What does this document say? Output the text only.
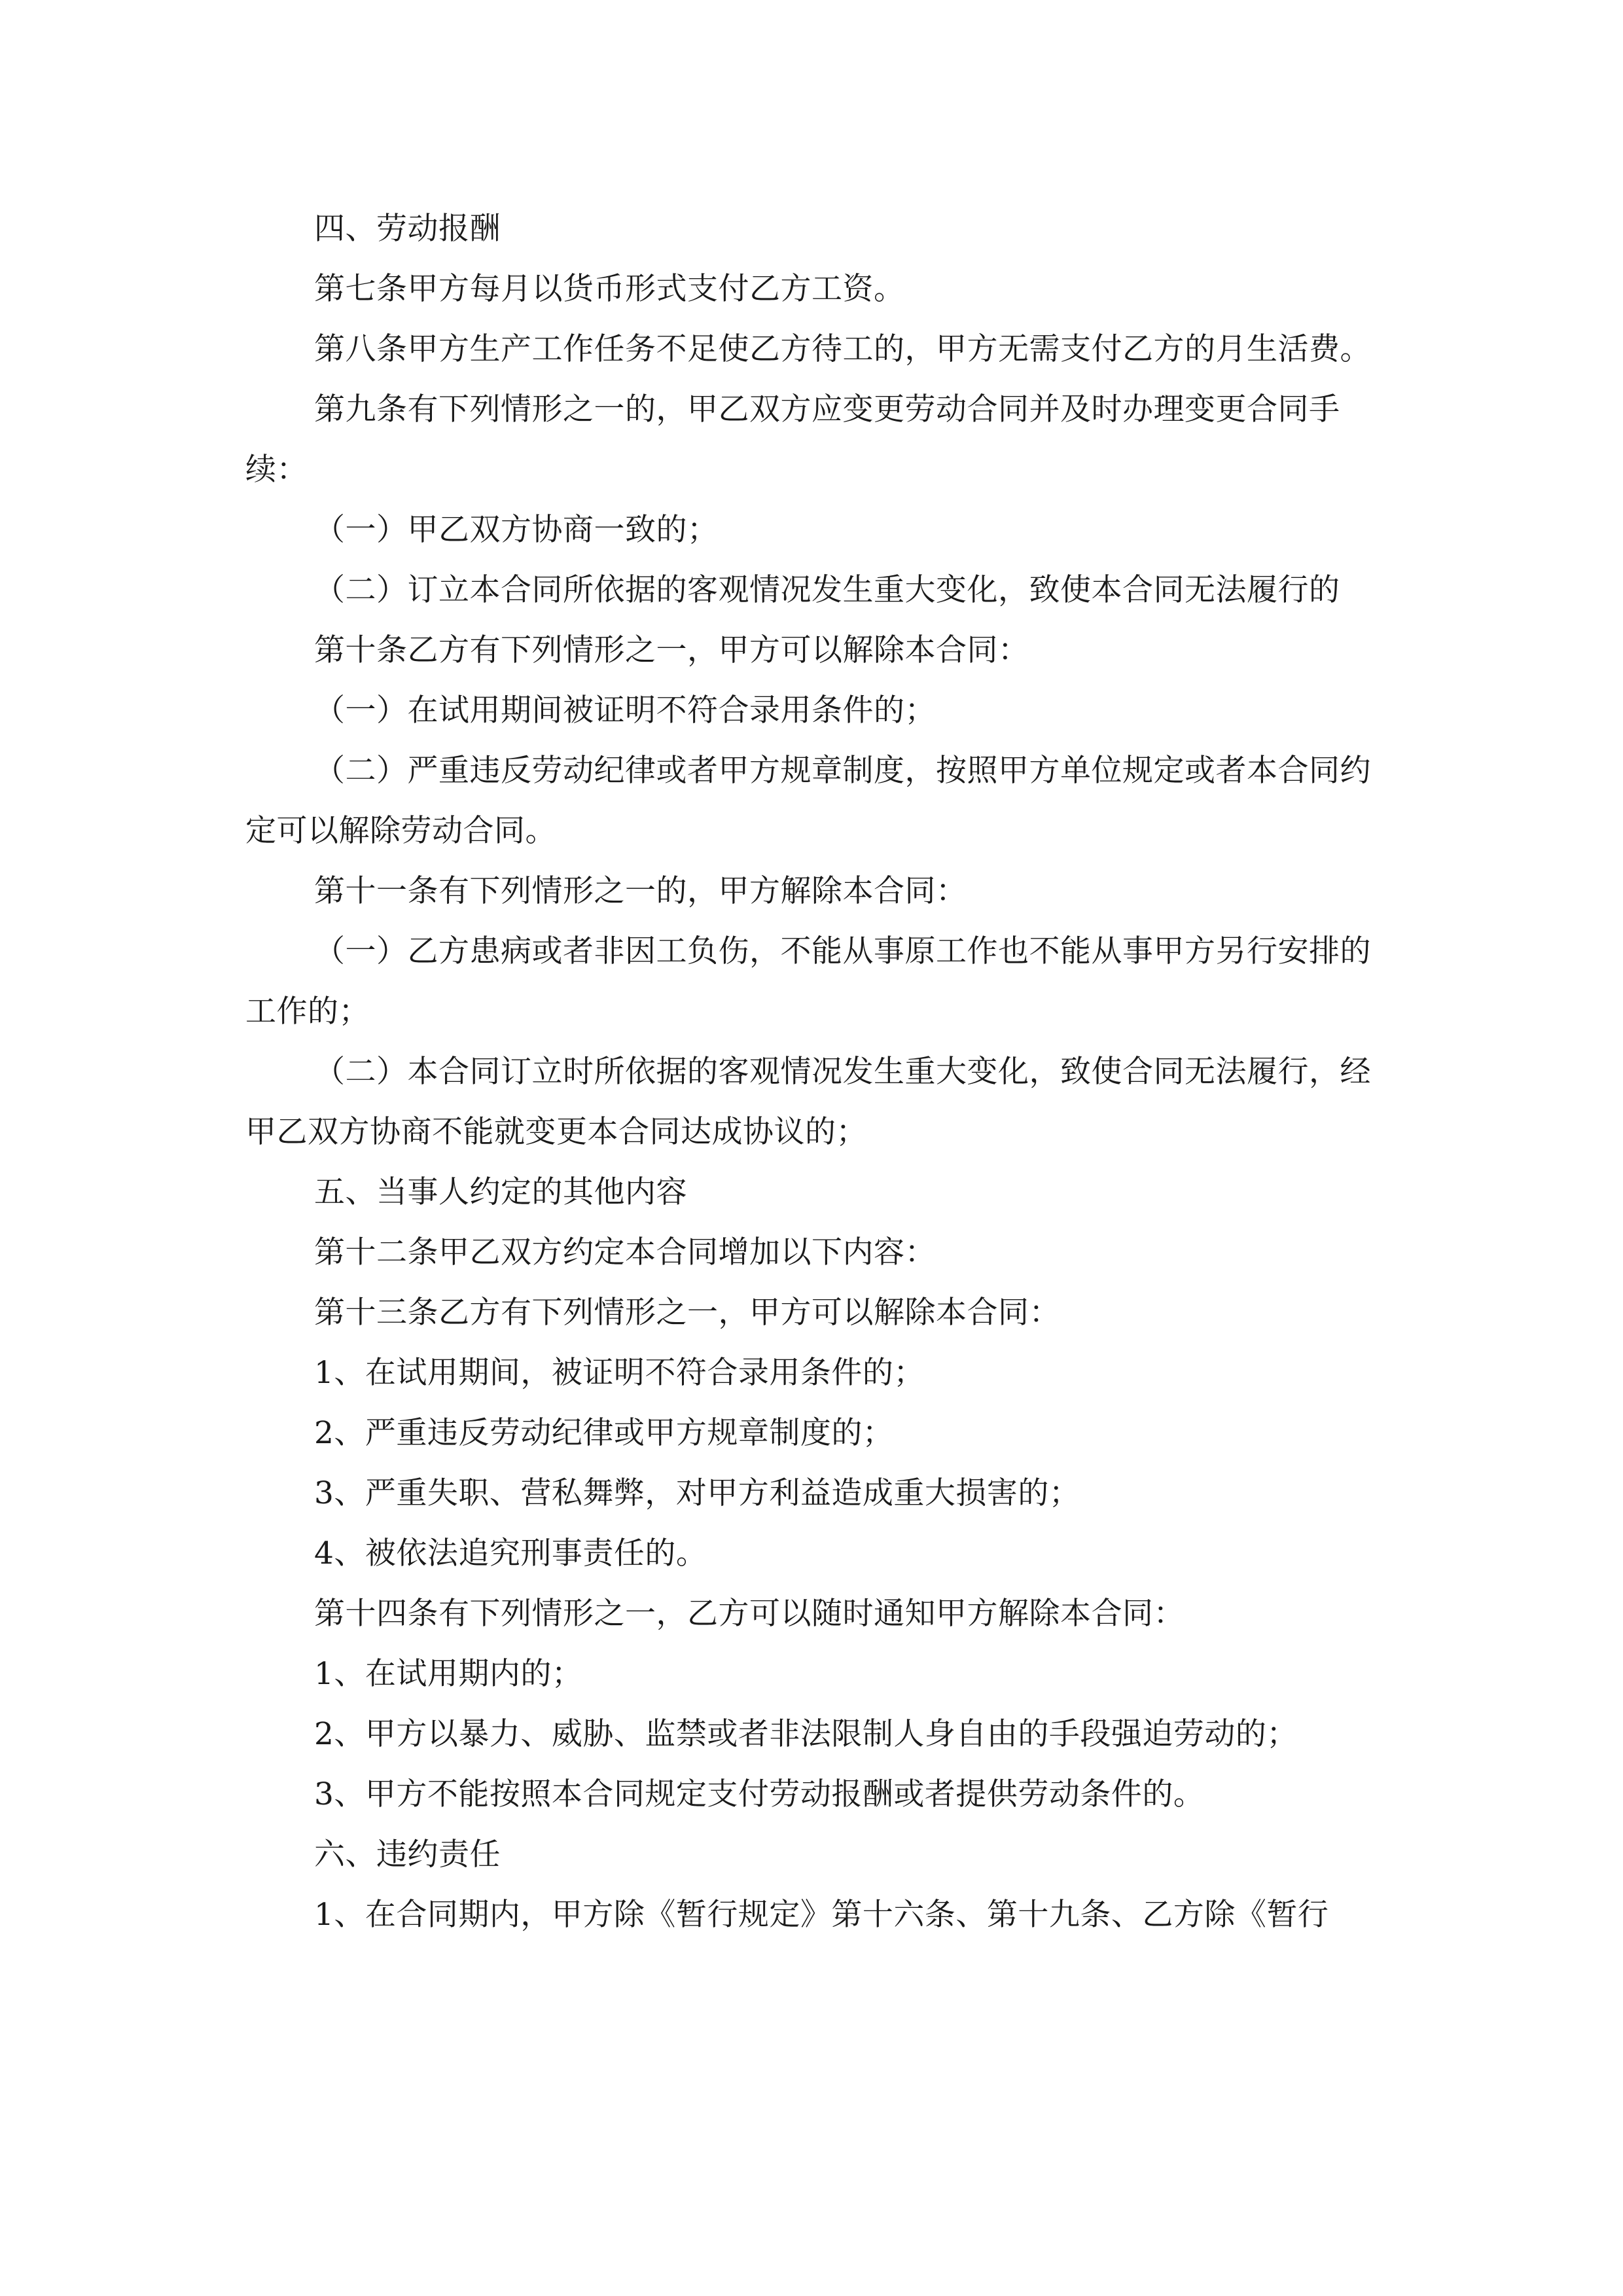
四、劳动报酬
第七条甲方每月以货币形式支付乙方工资。
第八条甲方生产工作任务不足使乙方待工的，甲方无需支付乙方的月生活费。
第九条有下列情形之一的，甲乙双方应变更劳动合同并及时办理变更合同手
续：
（一）甲乙双方协商一致的；
（二）订立本合同所依据的客观情况发生重大变化，致使本合同无法履行的
第十条乙方有下列情形之一，甲方可以解除本合同：
（一）在试用期间被证明不符合录用条件的；
（二）严重违反劳动纪律或者甲方规章制度，按照甲方单位规定或者本合同约
定可以解除劳动合同。
第十一条有下列情形之一的，甲方解除本合同：
（一）乙方患病或者非因工负伤，不能从事原工作也不能从事甲方另行安排的
工作的；
（二）本合同订立时所依据的客观情况发生重大变化，致使合同无法履行，经
甲乙双方协商不能就变更本合同达成协议的；
五、当事人约定的其他内容
第十二条甲乙双方约定本合同增加以下内容：
第十三条乙方有下列情形之一，甲方可以解除本合同：
1、在试用期间，被证明不符合录用条件的；
2、严重违反劳动纪律或甲方规章制度的；
3、严重失职、营私舞弊，对甲方利益造成重大损害的；
4、被依法追究刑事责任的。
第十四条有下列情形之一，乙方可以随时通知甲方解除本合同：
1、在试用期内的；
2、甲方以暴力、威胁、监禁或者非法限制人身自由的手段强迫劳动的；
3、甲方不能按照本合同规定支付劳动报酬或者提供劳动条件的。
六、违约责任
1、在合同期内，甲方除《暂行规定》第十六条、第十九条、乙方除《暂行
